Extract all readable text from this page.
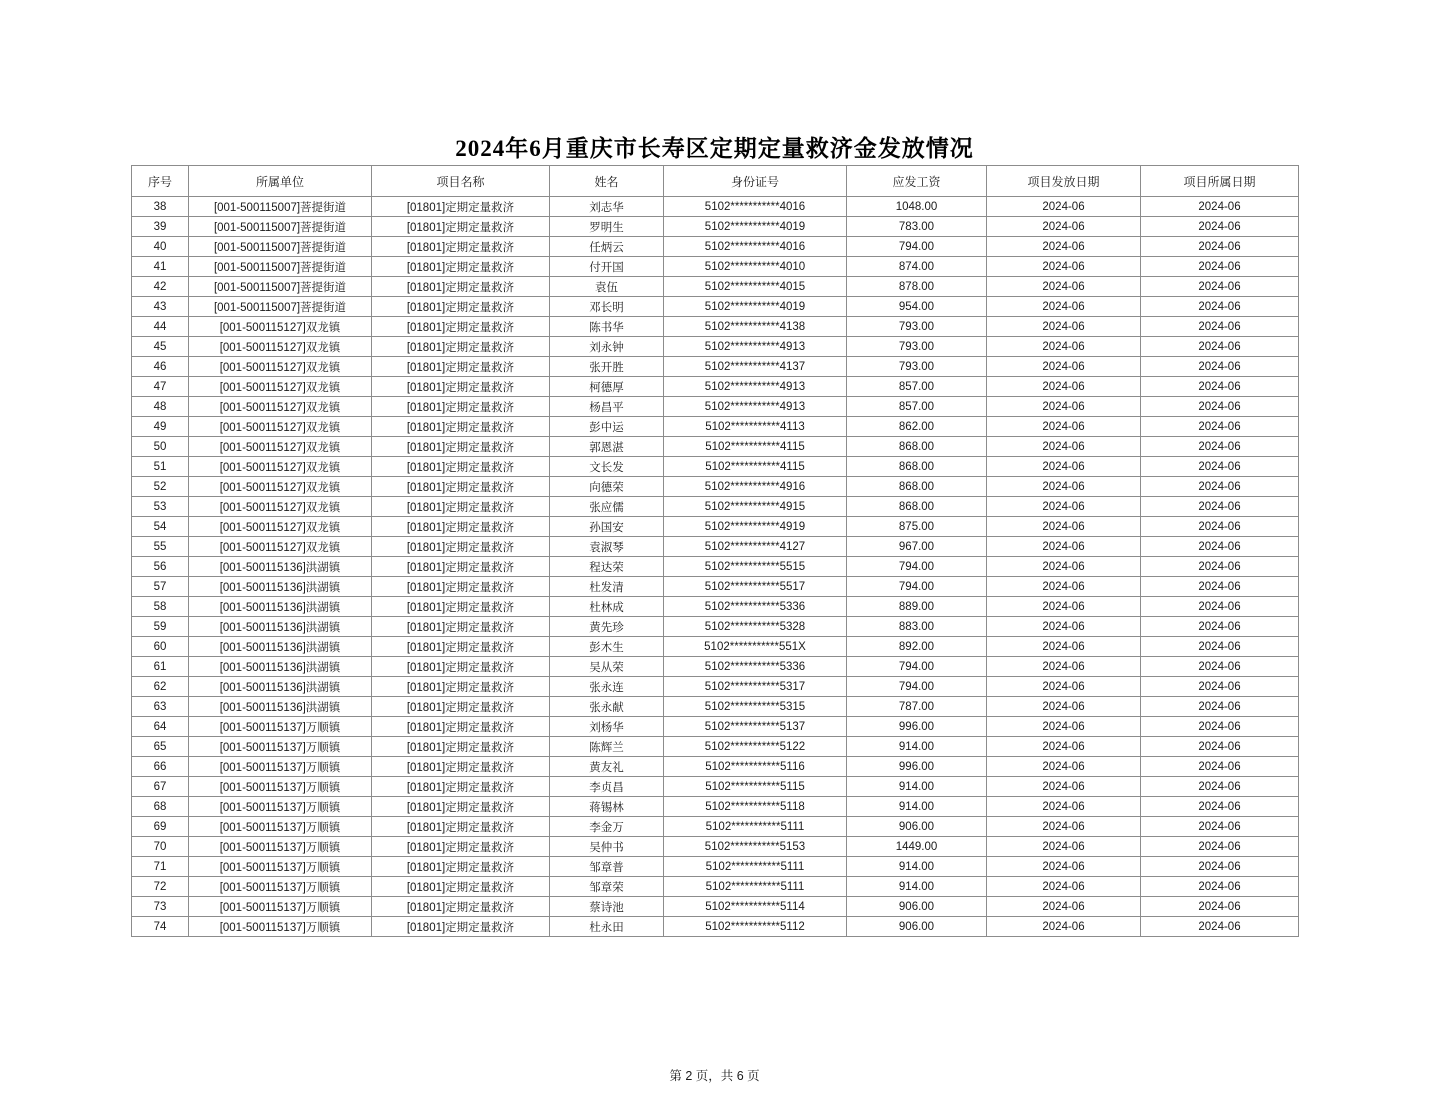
2024年6月重庆市长寿区定期定量救济金发放情况
序号	所属单位	项目名称	姓名	身份证号	应发工资	项目发放日期	项目所属日期
38	[001-500115007]菩提街道	[01801]定期定量救济	刘志华	5102***********4016	1048.00	2024-06	2024-06
39	[001-500115007]菩提街道	[01801]定期定量救济	罗明生	5102***********4019	783.00	2024-06	2024-06
40	[001-500115007]菩提街道	[01801]定期定量救济	任炳云	5102***********4016	794.00	2024-06	2024-06
41	[001-500115007]菩提街道	[01801]定期定量救济	付开国	5102***********4010	874.00	2024-06	2024-06
42	[001-500115007]菩提街道	[01801]定期定量救济	袁伍	5102***********4015	878.00	2024-06	2024-06
43	[001-500115007]菩提街道	[01801]定期定量救济	邓长明	5102***********4019	954.00	2024-06	2024-06
44	[001-500115127]双龙镇	[01801]定期定量救济	陈书华	5102***********4138	793.00	2024-06	2024-06
45	[001-500115127]双龙镇	[01801]定期定量救济	刘永钟	5102***********4913	793.00	2024-06	2024-06
46	[001-500115127]双龙镇	[01801]定期定量救济	张开胜	5102***********4137	793.00	2024-06	2024-06
47	[001-500115127]双龙镇	[01801]定期定量救济	柯德厚	5102***********4913	857.00	2024-06	2024-06
48	[001-500115127]双龙镇	[01801]定期定量救济	杨昌平	5102***********4913	857.00	2024-06	2024-06
49	[001-500115127]双龙镇	[01801]定期定量救济	彭中运	5102***********4113	862.00	2024-06	2024-06
50	[001-500115127]双龙镇	[01801]定期定量救济	郭恩湛	5102***********4115	868.00	2024-06	2024-06
51	[001-500115127]双龙镇	[01801]定期定量救济	文长发	5102***********4115	868.00	2024-06	2024-06
52	[001-500115127]双龙镇	[01801]定期定量救济	向德荣	5102***********4916	868.00	2024-06	2024-06
53	[001-500115127]双龙镇	[01801]定期定量救济	张应儒	5102***********4915	868.00	2024-06	2024-06
54	[001-500115127]双龙镇	[01801]定期定量救济	孙国安	5102***********4919	875.00	2024-06	2024-06
55	[001-500115127]双龙镇	[01801]定期定量救济	袁淑琴	5102***********4127	967.00	2024-06	2024-06
56	[001-500115136]洪湖镇	[01801]定期定量救济	程达荣	5102***********5515	794.00	2024-06	2024-06
57	[001-500115136]洪湖镇	[01801]定期定量救济	杜发清	5102***********5517	794.00	2024-06	2024-06
58	[001-500115136]洪湖镇	[01801]定期定量救济	杜林成	5102***********5336	889.00	2024-06	2024-06
59	[001-500115136]洪湖镇	[01801]定期定量救济	黄先珍	5102***********5328	883.00	2024-06	2024-06
60	[001-500115136]洪湖镇	[01801]定期定量救济	彭木生	5102***********551X	892.00	2024-06	2024-06
61	[001-500115136]洪湖镇	[01801]定期定量救济	吴从荣	5102***********5336	794.00	2024-06	2024-06
62	[001-500115136]洪湖镇	[01801]定期定量救济	张永连	5102***********5317	794.00	2024-06	2024-06
63	[001-500115136]洪湖镇	[01801]定期定量救济	张永献	5102***********5315	787.00	2024-06	2024-06
64	[001-500115137]万顺镇	[01801]定期定量救济	刘杨华	5102***********5137	996.00	2024-06	2024-06
65	[001-500115137]万顺镇	[01801]定期定量救济	陈辉兰	5102***********5122	914.00	2024-06	2024-06
66	[001-500115137]万顺镇	[01801]定期定量救济	黄友礼	5102***********5116	996.00	2024-06	2024-06
67	[001-500115137]万顺镇	[01801]定期定量救济	李贞昌	5102***********5115	914.00	2024-06	2024-06
68	[001-500115137]万顺镇	[01801]定期定量救济	蒋锡林	5102***********5118	914.00	2024-06	2024-06
69	[001-500115137]万顺镇	[01801]定期定量救济	李金万	5102***********5111	906.00	2024-06	2024-06
70	[001-500115137]万顺镇	[01801]定期定量救济	吴仲书	5102***********5153	1449.00	2024-06	2024-06
71	[001-500115137]万顺镇	[01801]定期定量救济	邹章普	5102***********5111	914.00	2024-06	2024-06
72	[001-500115137]万顺镇	[01801]定期定量救济	邹章荣	5102***********5111	914.00	2024-06	2024-06
73	[001-500115137]万顺镇	[01801]定期定量救济	蔡诗池	5102***********5114	906.00	2024-06	2024-06
74	[001-500115137]万顺镇	[01801]定期定量救济	杜永田	5102***********5112	906.00	2024-06	2024-06
第 2 页，共 6 页
